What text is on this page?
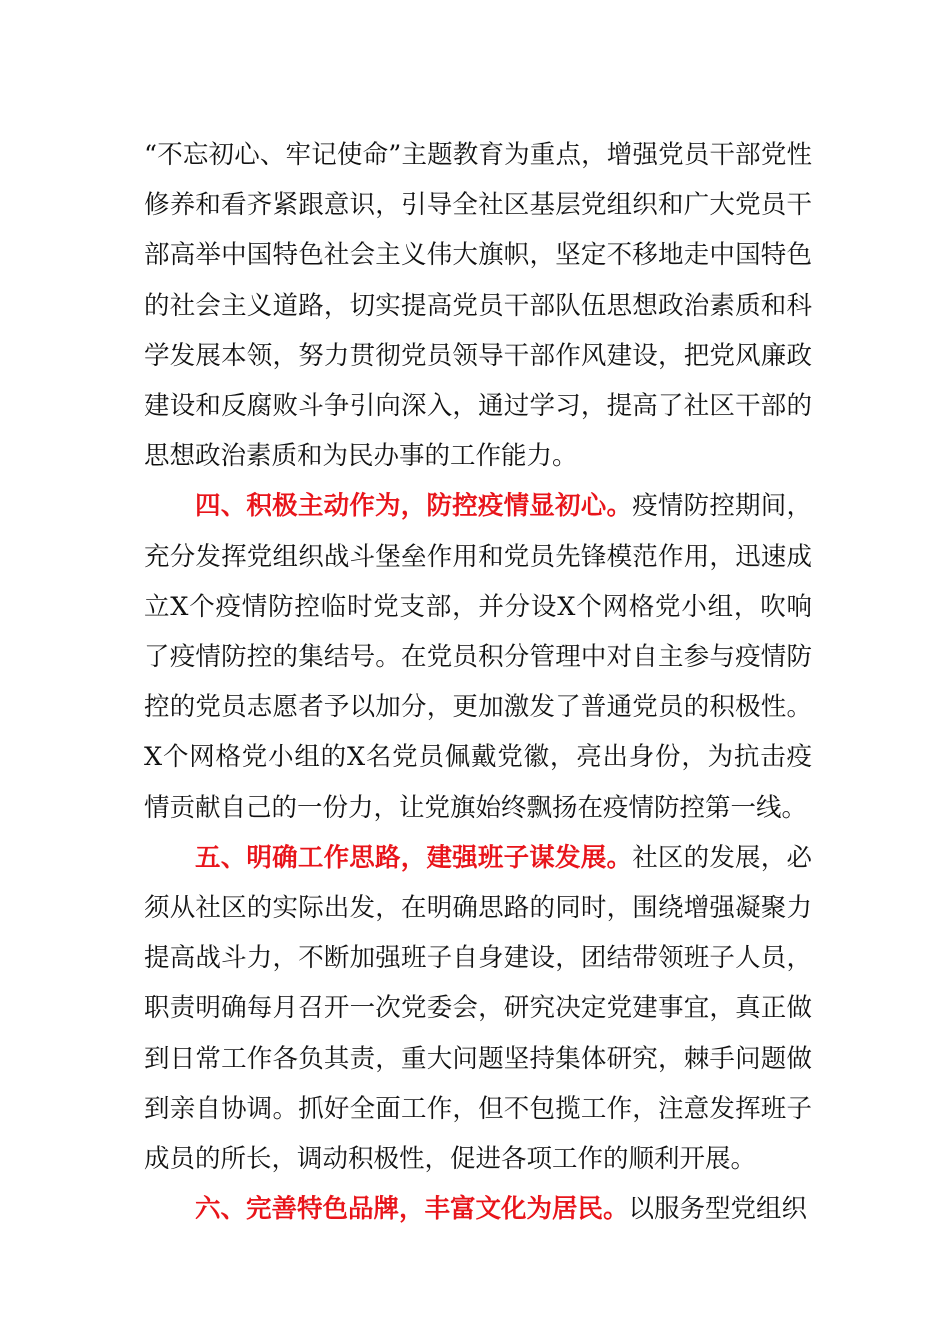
“不忘初心、牢记使命”主题教育为重点，增强党员干部党性修养和看齐紧跟意识，引导全社区基层党组织和广大党员干部高举中国特色社会主义伟大旗帜，坚定不移地走中国特色的社会主义道路，切实提高党员干部队伍思想政治素质和科学发展本领，努力贯彻党员领导干部作风建设，把党风廉政建设和反腐败斗争引向深入，通过学习，提高了社区干部的思想政治素质和为民办事的工作能力。

四、积极主动作为，防控疫情显初心。疫情防控期间，充分发挥党组织战斗堡垒作用和党员先锋模范作用，迅速成立X个疫情防控临时党支部，并分设X个网格党小组，吹响了疫情防控的集结号。在党员积分管理中对自主参与疫情防控的党员志愿者予以加分，更加激发了普通党员的积极性。X个网格党小组的X名党员佩戴党徽，亮出身份，为抗击疫情贡献自己的一份力，让党旗始终飘扬在疫情防控第一线。

五、明确工作思路，建强班子谋发展。社区的发展，必须从社区的实际出发，在明确思路的同时，围绕增强凝聚力提高战斗力，不断加强班子自身建设，团结带领班子人员，职责明确每月召开一次党委会，研究决定党建事宜，真正做到日常工作各负其责，重大问题坚持集体研究，棘手问题做到亲自协调。抓好全面工作，但不包揽工作，注意发挥班子成员的所长，调动积极性，促进各项工作的顺利开展。

六、完善特色品牌，丰富文化为居民。以服务型党组织
